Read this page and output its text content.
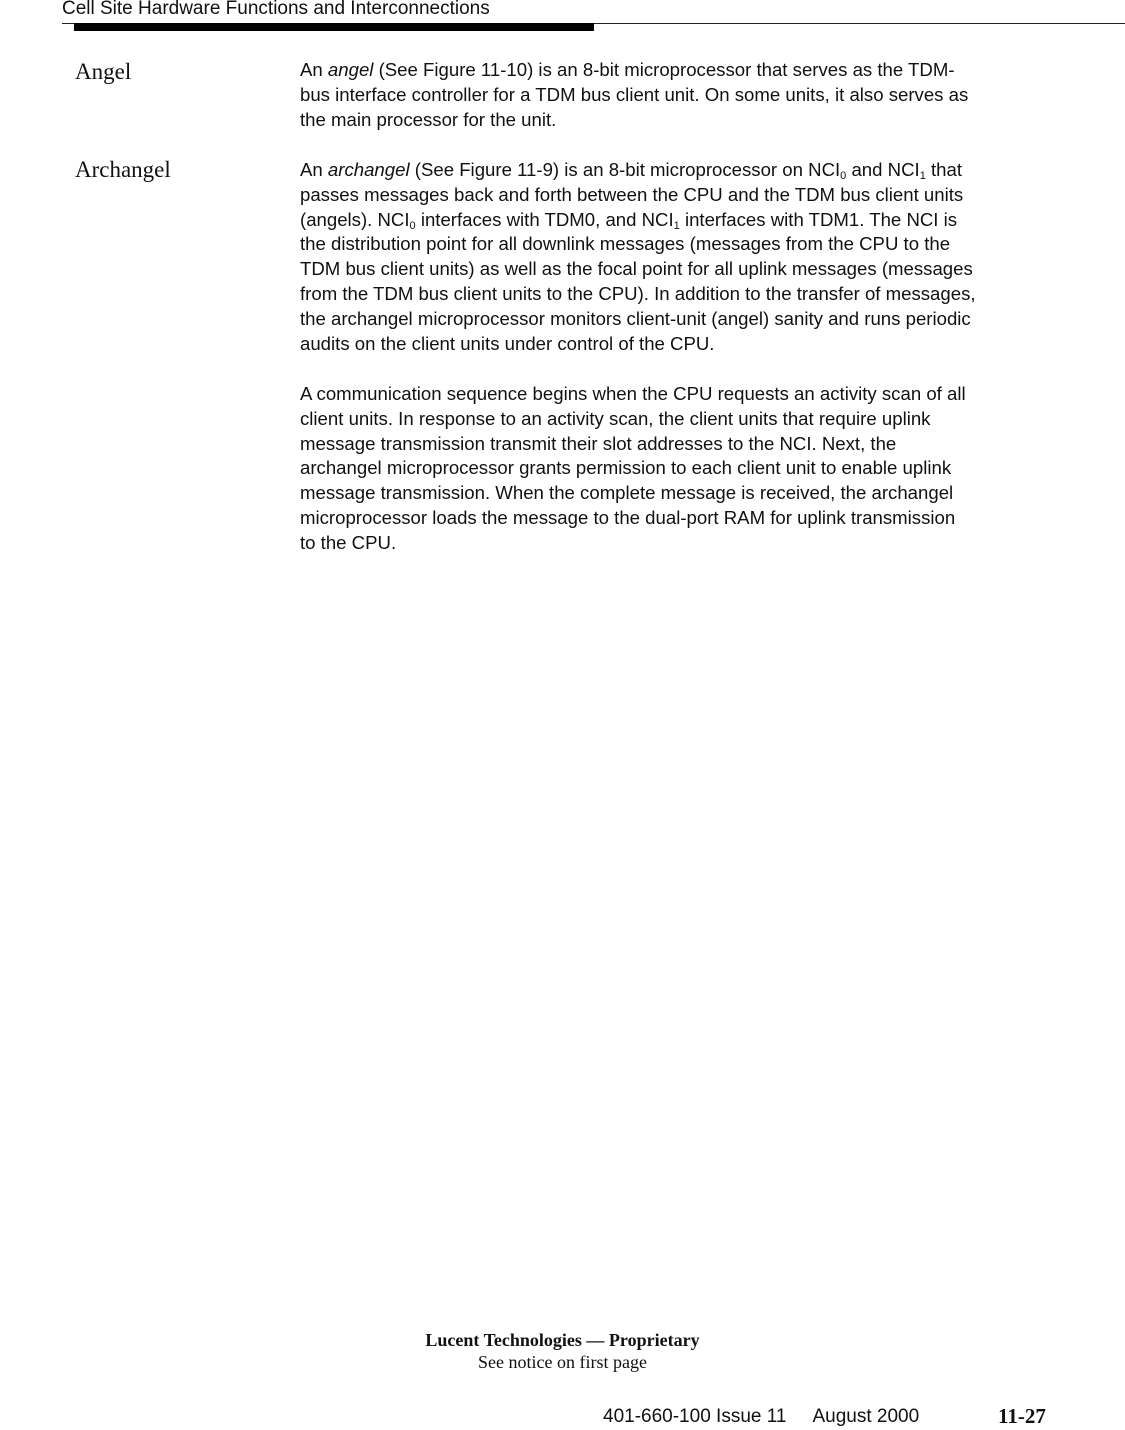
Cell Site Hardware Functions and Interconnections
Angel	An angel (See Figure 11-10) is an 8-bit microprocessor that serves as the TDM-
bus interface controller for a TDM bus client unit. On some units, it also serves as
the main processor for the unit.
Archangel	An archangel (See Figure 11-9) is an 8-bit microprocessor on $NCI_0$ and $NCI_1$ that
passes messages back and forth between the CPU and the TDM bus client units
(angels). $NCI_0$ interfaces with TDM0, and $NCI_1$ interfaces with TDM1. The NCI is
the distribution point for all downlink messages (messages from the CPU to the
TDM bus client units) as well as the focal point for all uplink messages (messages
from the TDM bus client units to the CPU). In addition to the transfer of messages,
the archangel microprocessor monitors client-unit (angel) sanity and runs periodic
audits on the client units under control of the CPU.
A communication sequence begins when the CPU requests an activity scan of all
client units. In response to an activity scan, the client units that require uplink
message transmission transmit their slot addresses to the NCI. Next, the
archangel microprocessor grants permission to each client unit to enable uplink
message transmission. When the complete message is received, the archangel
microprocessor loads the message to the dual-port RAM for uplink transmission
to the CPU.
Lucent Technologies — Proprietary
See notice on first page
401-660-100 Issue 11 August 2000	11-27
